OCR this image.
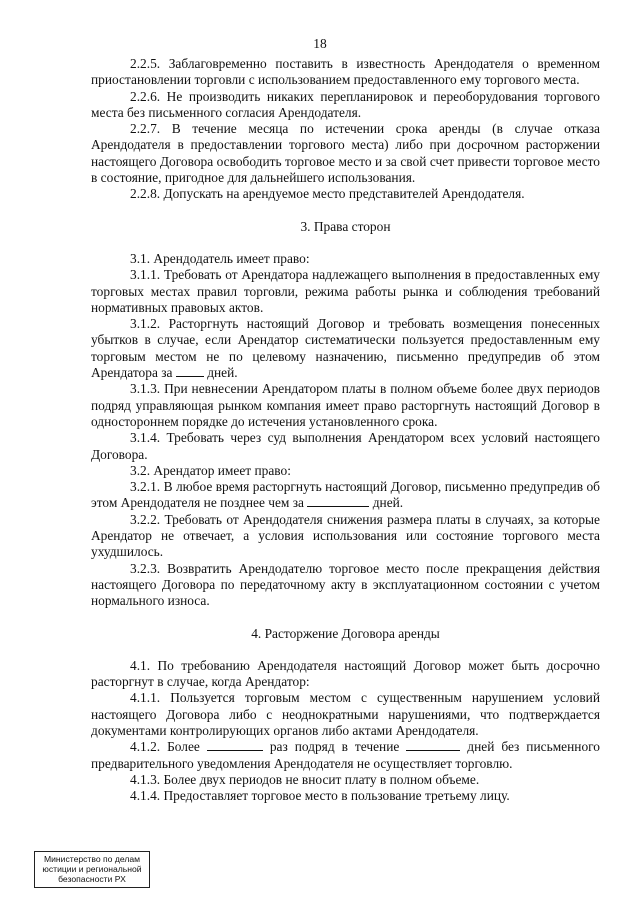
18

2.2.5. Заблаговременно поставить в известность Арендодателя о временном приостановлении торговли с использованием предоставленного ему торгового места.

2.2.6. Не производить никаких перепланировок и переоборудования торгового места без письменного согласия Арендодателя.

2.2.7. В течение месяца по истечении срока аренды (в случае отказа Арендодателя в предоставлении торгового места) либо при досрочном расторжении настоящего Договора освободить торговое место и за свой счет привести торговое место в состояние, пригодное для дальнейшего использования.

2.2.8. Допускать на арендуемое место представителей Арендодателя.

3. Права сторон

3.1. Арендодатель имеет право:

3.1.1. Требовать от Арендатора надлежащего выполнения в предоставленных ему торговых местах правил торговли, режима работы рынка и соблюдения требований нормативных правовых актов.

3.1.2. Расторгнуть настоящий Договор и требовать возмещения понесенных убытков в случае, если Арендатор систематически пользуется предоставленным ему торговым местом не по целевому назначению, письменно предупредив об этом Арендатора за	дней.

3.1.3. При невнесении Арендатором платы в полном объеме более двух периодов подряд управляющая рынком компания имеет право расторгнуть настоящий Договор в одностороннем порядке до истечения установленного срока.

3.1.4. Требовать через суд выполнения Арендатором всех условий настоящего Договора.

3.2. Арендатор имеет право:

3.2.1. В любое время расторгнуть настоящий Договор, письменно предупредив об этом Арендодателя не позднее чем за	дней.

3.2.2. Требовать от Арендодателя снижения размера платы в случаях, за которые Арендатор не отвечает, а условия использования или состояние торгового места ухудшилось.

3.2.3. Возвратить Арендодателю торговое место после прекращения действия настоящего Договора по передаточному акту в эксплуатационном состоянии с учетом нормального износа.

4. Расторжение Договора аренды

4.1. По требованию Арендодателя настоящий Договор может быть досрочно расторгнут в случае, когда Арендатор:

4.1.1. Пользуется торговым местом с существенным нарушением условий настоящего Договора либо с неоднократными нарушениями, что подтверждается документами контролирующих органов либо актами Арендодателя.

4.1.2. Более	раз подряд в течение	дней без письменного предварительного уведомления Арендодателя не осуществляет торговлю.

4.1.3. Более двух периодов не вносит плату в полном объеме.

4.1.4. Предоставляет торговое место в пользование третьему лицу.

Министерство по делам
юстиции и региональной
безопасности РХ
